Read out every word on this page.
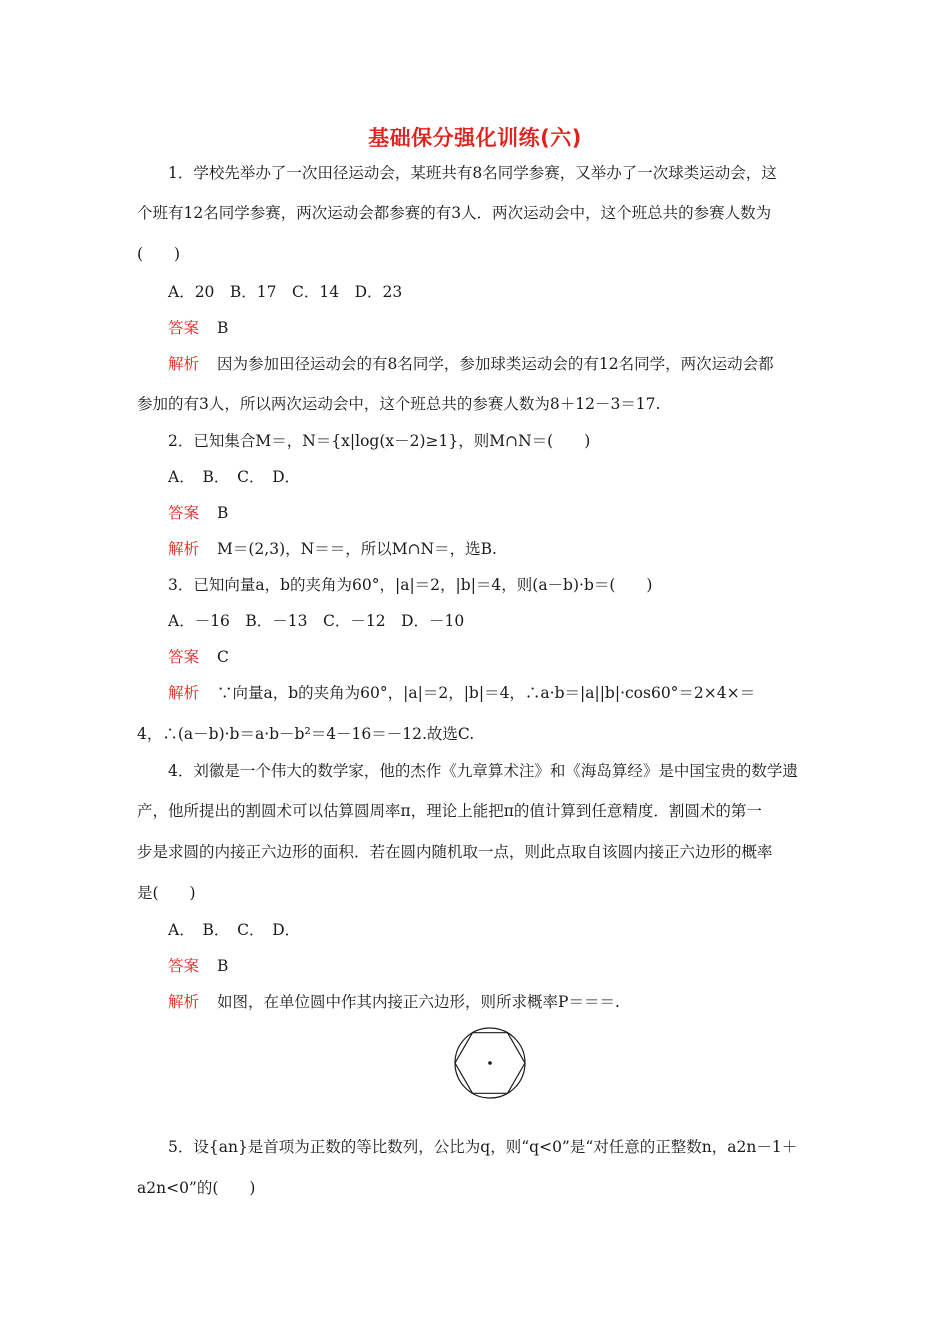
基础保分强化训练(六)
1．学校先举办了一次田径运动会，某班共有8名同学参赛，又举办了一次球类运动会，这
个班有12名同学参赛，两次运动会都参赛的有3人．两次运动会中，这个班总共的参赛人数为
(　　)
A．20　B．17　C．14　D．23
答案 B
解析 因为参加田径运动会的有8名同学，参加球类运动会的有12名同学，两次运动会都
参加的有3人，所以两次运动会中，这个班总共的参赛人数为8＋12－3＝17.
2．已知集合M＝，N＝{x|log(x－2)≥1}，则M∩N＝(　　)
A．　B．　C．　D．
答案 B
解析 M＝(2,3)，N＝＝，所以M∩N＝，选B.
3．已知向量a，b的夹角为60°，|a|＝2，|b|＝4，则(a－b)·b＝(　　)
A．－16　B．－13　C．－12　D．－10
答案 C
解析 ∵向量a，b的夹角为60°，|a|＝2，|b|＝4，∴a·b＝|a||b|·cos60°＝2×4×＝
4，∴(a－b)·b＝a·b－b²＝4－16＝－12.故选C.
4．刘徽是一个伟大的数学家，他的杰作《九章算术注》和《海岛算经》是中国宝贵的数学遗
产，他所提出的割圆术可以估算圆周率π，理论上能把π的值计算到任意精度．割圆术的第一
步是求圆的内接正六边形的面积．若在圆内随机取一点，则此点取自该圆内接正六边形的概率
是(　　)
A．　B．　C．　D．
答案 B
解析 如图，在单位圆中作其内接正六边形，则所求概率P＝＝＝.
5．设{an}是首项为正数的等比数列，公比为q，则“q<0”是“对任意的正整数n，a2n－1＋
a2n<0”的(　　)
